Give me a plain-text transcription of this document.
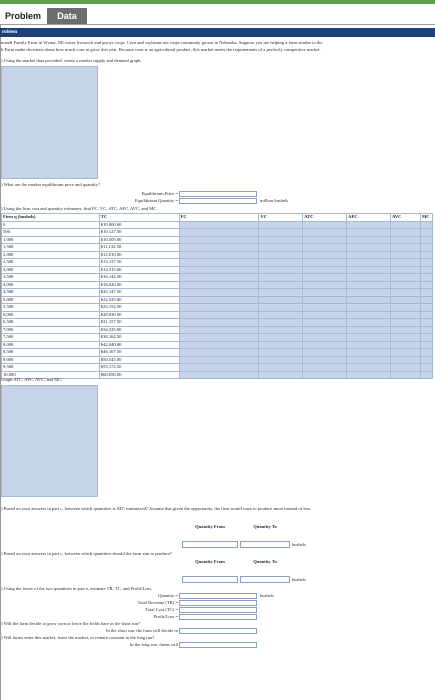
Problem	Data
roblem
mandt Family Farm in Wynot, NE raises livestock and grows crops. Corn and soybeans are crops commonly grown in Nebraska. Suppose you are helping a farm similar to the
h Farm make decisions about how much corn to grow this year. Because corn is an agricultural product, this market meets the requirements of a perfectly competitive market.
) Using the market data provided, create a market supply and demand graph.
) What are the market equilibrium price and quantity?
Equilibrium Price =
Equilibrium Quantity =	million bushels
) Using the firm cost and quantity estimates, find FC, VC, ATC, AFC, AVC, and MC.
Firm q (bushels)	TC	FC	VC	ATC	AFC	AVC	MC
0	$10,000.00						
500	$10,127.50						
1,000	$10,505.00						
1,500	$11,132.50						
2,000	$12,010.00						
2,500	$13,137.50						
3,000	$14,515.00						
3,500	$16,142.50						
4,000	$18,020.00						
4,500	$20,147.50						
5,000	$22,525.00						
5,500	$25,152.50						
6,000	$28,030.00						
6,500	$31,157.50						
7,000	$34,535.00						
7,500	$38,162.50						
8,000	$42,040.00						
8,500	$46,167.50						
9,000	$50,545.00						
9,500	$55,172.50						
10,000	$60,050.00						
Graph ATC, AFC, AVC, and MC.
) Based on your answers in part c, between which quantities is ATC minimized? Assume that given the opportunity, the firm would want to produce more instead of less.
Quantity From	Quantity To
bushels
) Based on your answers in part c, between which quantities should the farm aim to produce?
Quantity From	Quantity To
bushels
) Using the lower of the two quantities in part e, estimate TR, TC, and Profit/Loss.
Quantity =	bushels
Total Revenue (TR) =
Total Cost (TC) =
Profit/Loss =
) Will the farm decide to grow corn or leave the fields bare in the short run?
In the short run, the farm will decide to
) Will farms enter this market, leave the market, or remain constant in the long run?
In the long run, farms will
